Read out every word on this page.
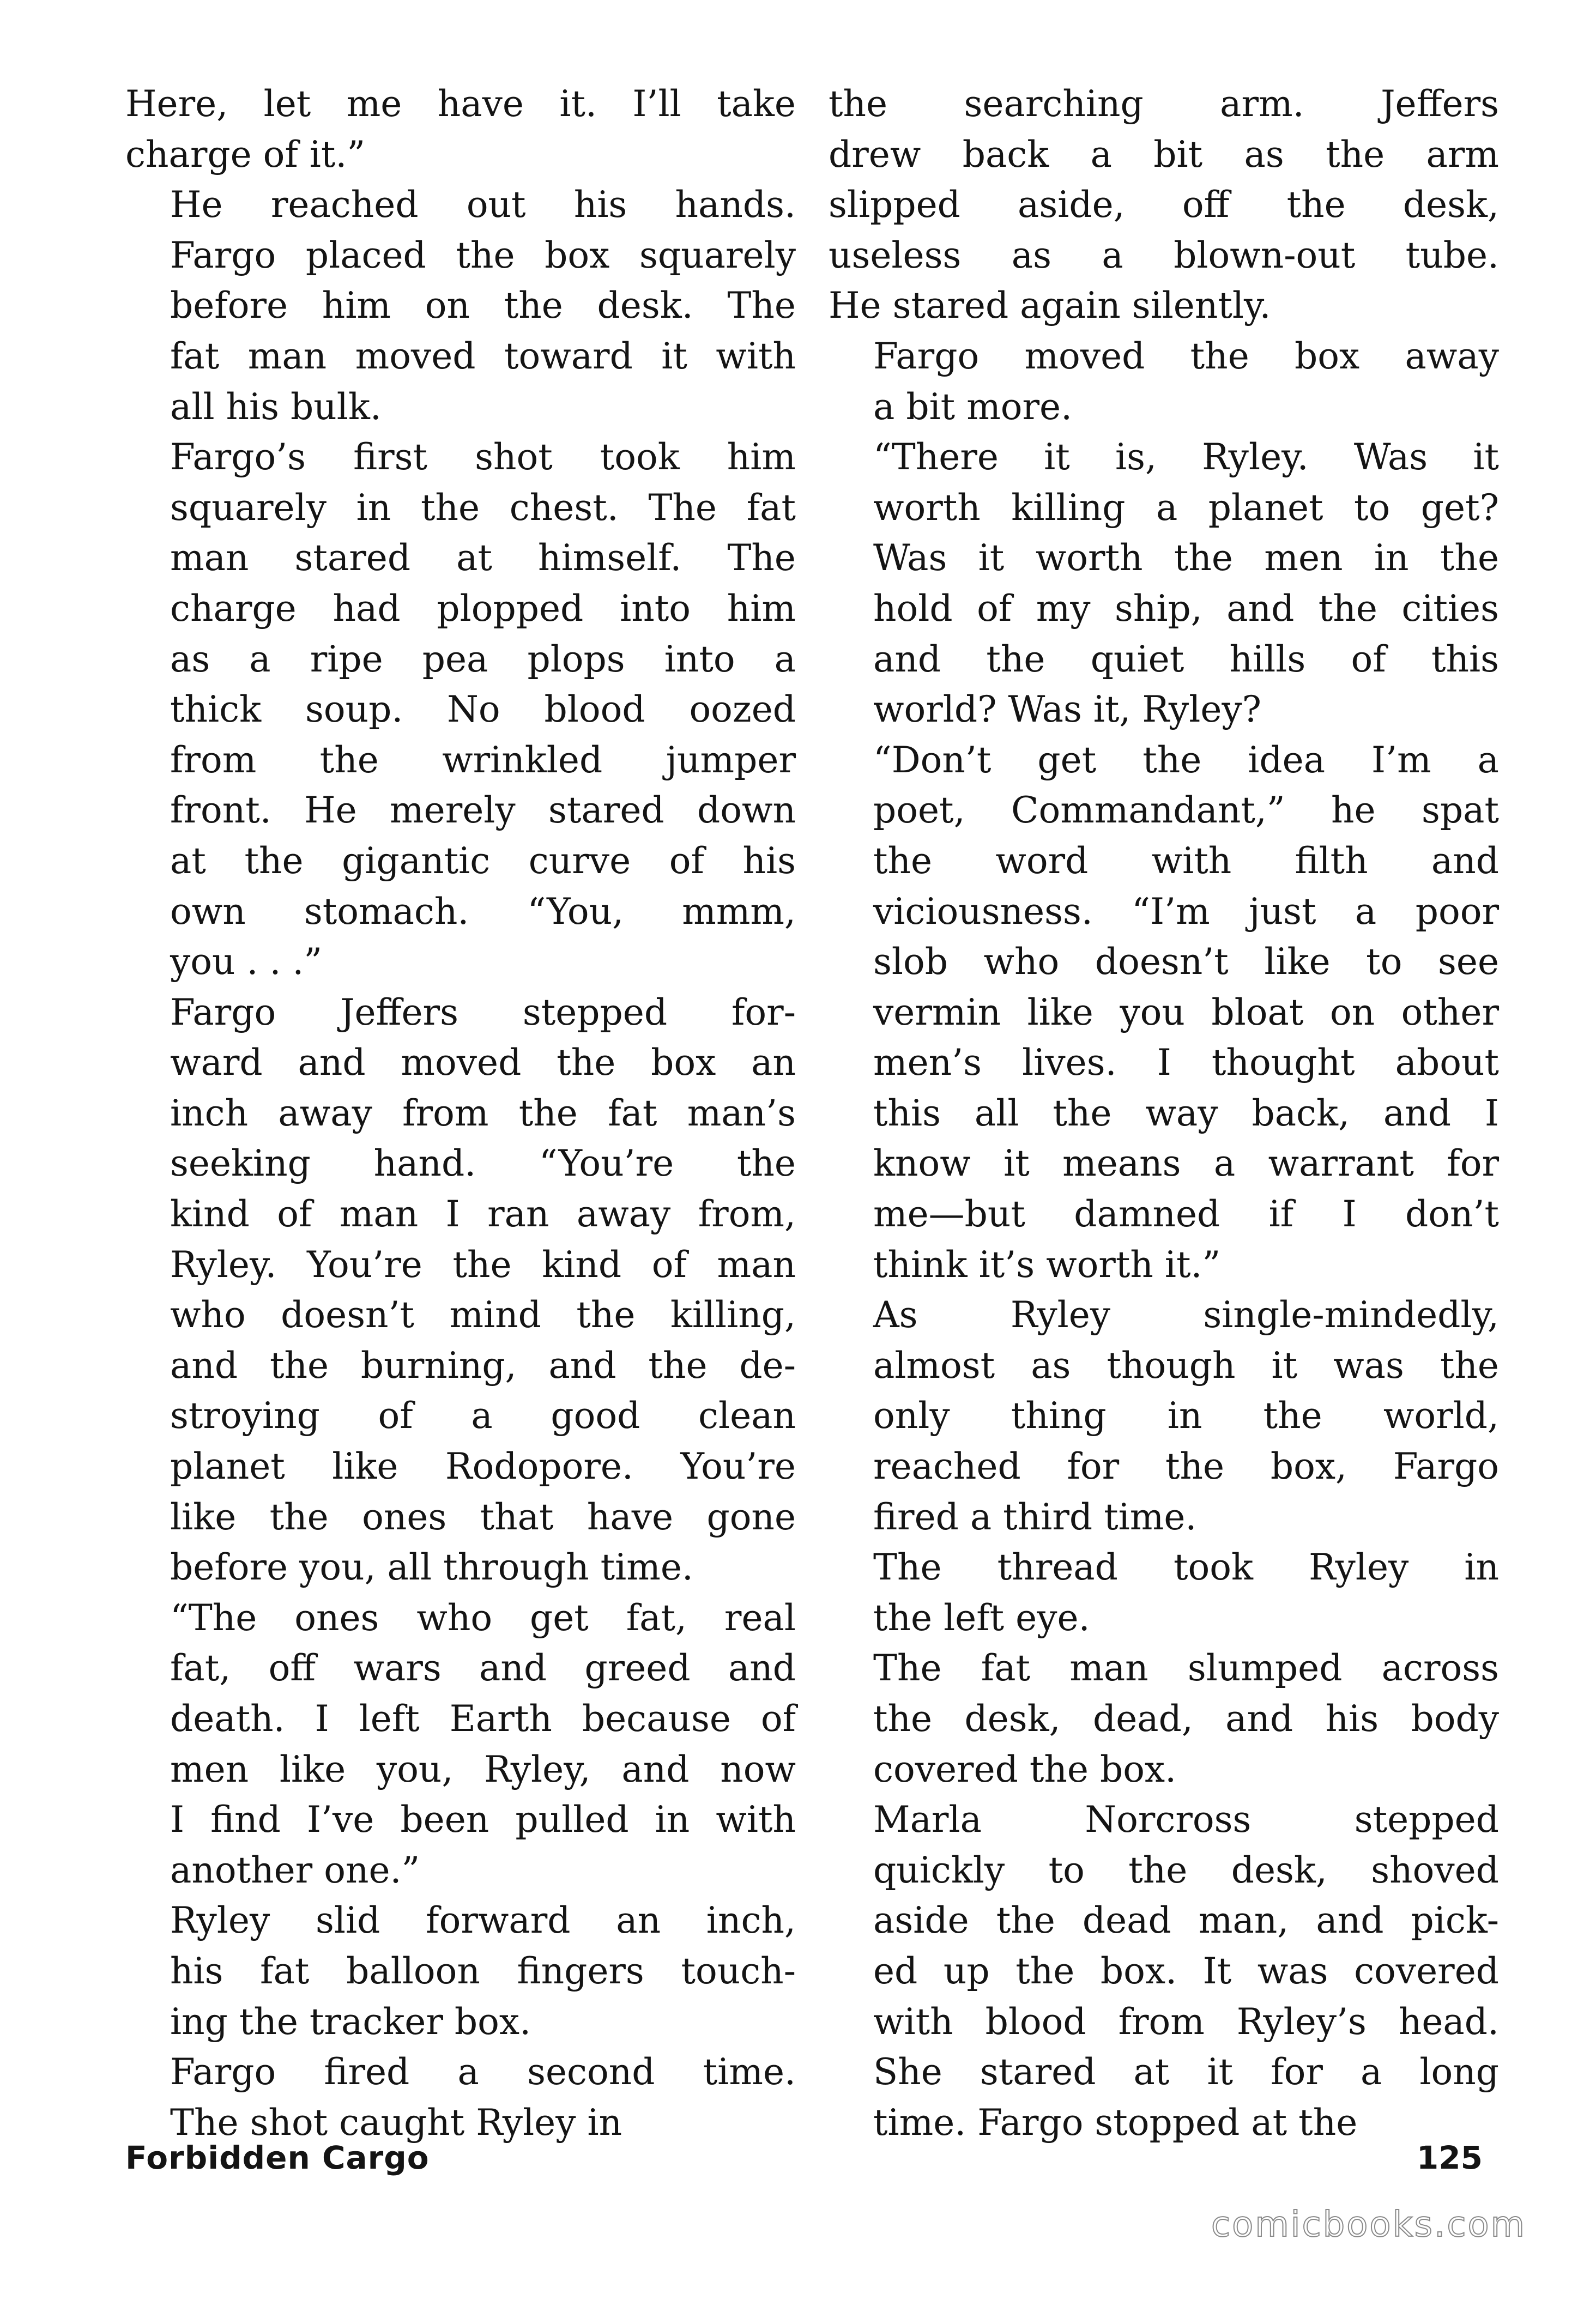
Here, let me have it. I’ll take
charge of it.”

He reached out his hands.
Fargo placed the box squarely
before him on the desk. The
fat man moved toward it with
all his bulk.

Fargo’s first shot took him
squarely in the chest. The fat
man stared at himself. The
charge had plopped into him
as a ripe pea plops into a
thick soup. No blood oozed
from the wrinkled jumper
front. He merely stared down
at the gigantic curve of his
own stomach. “You, mmm,
you . . .”

Fargo Jeffers stepped for-
ward and moved the box an
inch away from the fat man’s
seeking hand. “You’re the
kind of man I ran away from,
Ryley. You’re the kind of man
who doesn’t mind the killing,
and the burning, and the de-
stroying of a good clean
planet like Rodopore. You’re
like the ones that have gone
before you, all through time.

“The ones who get fat, real
fat, off wars and greed and
death. I left Earth because of
men like you, Ryley, and now
I find I’ve been pulled in with
another one.”

Ryley slid forward an inch,
his fat balloon fingers touch-
ing the tracker box.

Fargo fired a second time.
The shot caught Ryley in

the searching arm. Jeffers
drew back a bit as the arm
slipped aside, off the desk,
useless as a blown-out tube.
He stared again silently.

Fargo moved the box away
a bit more.

“There it is, Ryley. Was it
worth killing a planet to get?
Was it worth the men in the
hold of my ship, and the cities
and the quiet hills of this
world? Was it, Ryley?

“Don’t get the idea I’m a
poet, Commandant,” he spat
the word with filth and
viciousness. “I’m just a poor
slob who doesn’t like to see
vermin like you bloat on other
men’s lives. I thought about
this all the way back, and I
know it means a warrant for
me—but damned if I don’t
think it’s worth it.”

As Ryley single-mindedly,
almost as though it was the
only thing in the world,
reached for the box, Fargo
fired a third time.

The thread took Ryley in
the left eye.

The fat man slumped across
the desk, dead, and his body
covered the box.

Marla Norcross stepped
quickly to the desk, shoved
aside the dead man, and pick-
ed up the box. It was covered
with blood from Ryley’s head.
She stared at it for a long
time. Fargo stopped at the

Forbidden Cargo	125
comicbooks.com
